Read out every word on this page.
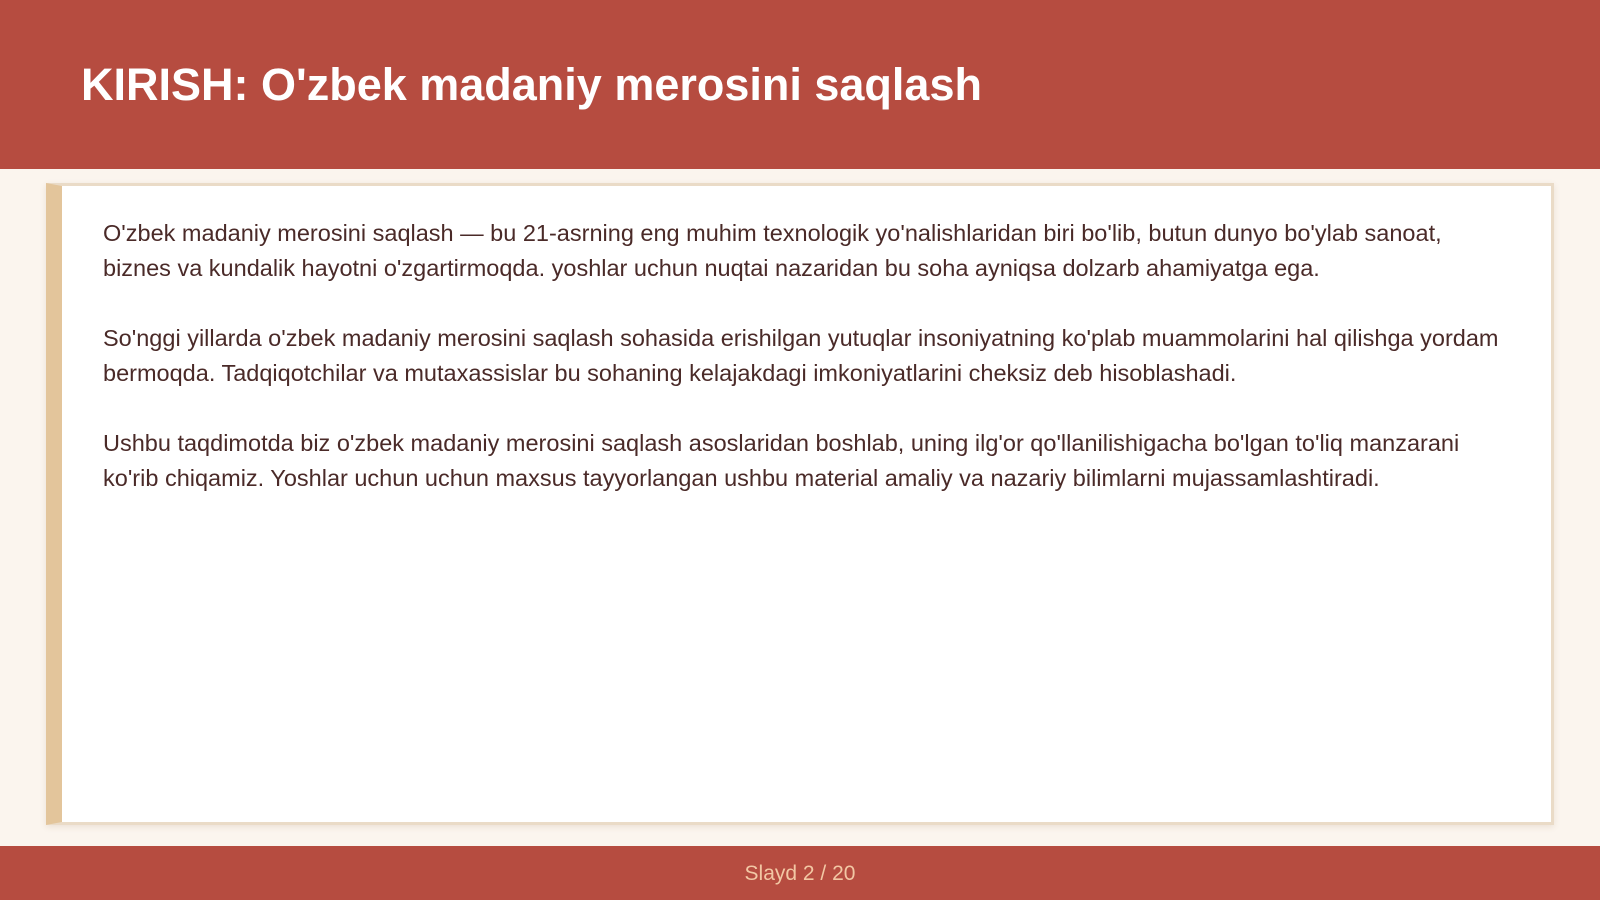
KIRISH: O'zbek madaniy merosini saqlash

O'zbek madaniy merosini saqlash — bu 21-asrning eng muhim texnologik yo'nalishlaridan biri bo'lib, butun dunyo bo'ylab sanoat, biznes va kundalik hayotni o'zgartirmoqda. yoshlar uchun nuqtai nazaridan bu soha ayniqsa dolzarb ahamiyatga ega.

So'nggi yillarda o'zbek madaniy merosini saqlash sohasida erishilgan yutuqlar insoniyatning ko'plab muammolarini hal qilishga yordam bermoqda. Tadqiqotchilar va mutaxassislar bu sohaning kelajakdagi imkoniyatlarini cheksiz deb hisoblashadi.

Ushbu taqdimotda biz o'zbek madaniy merosini saqlash asoslaridan boshlab, uning ilg'or qo'llanilishigacha bo'lgan to'liq manzarani ko'rib chiqamiz. Yoshlar uchun uchun maxsus tayyorlangan ushbu material amaliy va nazariy bilimlarni mujassamlashtiradi.

Slayd 2 / 20
